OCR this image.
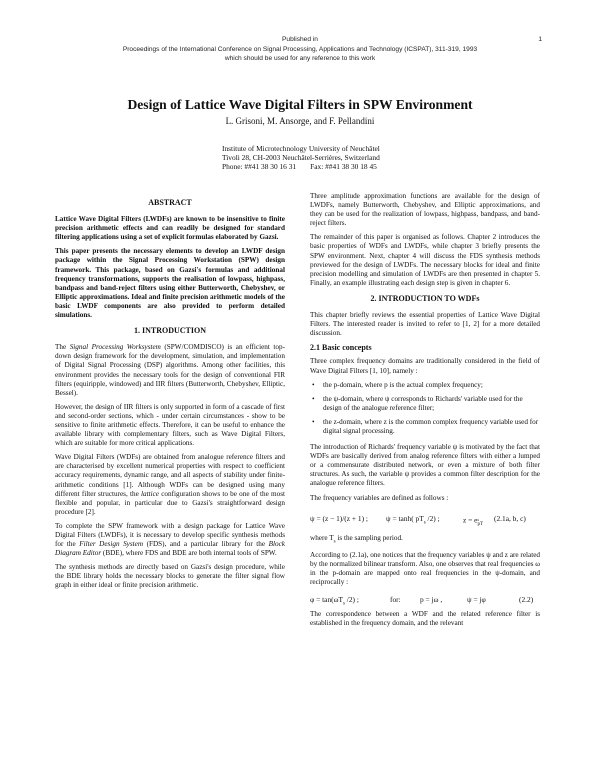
Published in	1
Proceedings of the International Conference on Signal Processing, Applications and Technology (ICSPAT), 311-319, 1993
which should be used for any reference to this work
Design of Lattice Wave Digital Filters in SPW Environment
L. Grisoni, M. Ansorge, and F. Pellandini
Institute of Microtechnology University of Neuchâtel
Tivoli 28, CH-2003 Neuchâtel-Serrières, Switzerland
Phone: ##41 38 30 16 31 Fax: ##41 38 30 18 45
ABSTRACT

Lattice Wave Digital Filters (LWDFs) are known to be insensitive to finite precision arithmetic effects and can readily be designed for standard filtering applications using a set of explicit formulas elaborated by Gazsi.

This paper presents the necessary elements to develop an LWDF design package within the Signal Processing Workstation (SPW) design framework. This package, based on Gazsi's formulas and additional frequency transformations, supports the realisation of lowpass, highpass, bandpass and band-reject filters using either Butterworth, Chebyshev, or Elliptic approximations. Ideal and finite precision arithmetic models of the basic LWDF components are also provided to perform detailed simulations.

1. INTRODUCTION

The Signal Processing Worksystem (SPW/COMDISCO) is an efficient top-down design framework for the development, simulation, and implementation of Digital Signal Processing (DSP) algorithms. Among other facilities, this environment provides the necessary tools for the design of conventional FIR filters (equiripple, windowed) and IIR filters (Butterworth, Chebyshev, Elliptic, Bessel).

However, the design of IIR filters is only supported in form of a cascade of first and second-order sections, which - under certain circumstances - show to be sensitive to finite arithmetic effects. Therefore, it can be useful to enhance the available library with complementary filters, such as Wave Digital Filters, which are suitable for more critical applications.

Wave Digital Filters (WDFs) are obtained from analogue reference filters and are characterised by excellent numerical properties with respect to coefficient accuracy requirements, dynamic range, and all aspects of stability under finite-arithmetic conditions [1]. Although WDFs can be designed using many different filter structures, the lattice configuration shows to be one of the most flexible and popular, in particular due to Gazsi's straightforward design procedure [2].

To complete the SPW framework with a design package for Lattice Wave Digital Filters (LWDFs), it is necessary to develop specific synthesis methods for the Filter Design System (FDS), and a particular library for the Block Diagram Editor (BDE), where FDS and BDE are both internal tools of SPW.

The synthesis methods are directly based on Gazsi's design procedure, while the BDE library holds the necessary blocks to generate the filter signal flow graph in either ideal or finite precision arithmetic.

Three amplitude approximation functions are available for the design of LWDFs, namely Butterworth, Chebyshev, and Elliptic approximations, and they can be used for the realization of lowpass, highpass, bandpass, and band-reject filters.

The remainder of this paper is organised as follows. Chapter 2 introduces the basic properties of WDFs and LWDFs, while chapter 3 briefly presents the SPW environment. Next, chapter 4 will discuss the FDS synthesis methods previewed for the design of LWDFs. The necessary blocks for ideal and finite precision modelling and simulation of LWDFs are then presented in chapter 5. Finally, an example illustrating each design step is given in chapter 6.

2. INTRODUCTION TO WDFs

This chapter briefly reviews the essential properties of Lattice Wave Digital Filters. The interested reader is invited to refer to [1, 2] for a more detailed discussion.

2.1 Basic concepts

Three complex frequency domains are traditionally considered in the field of Wave Digital Filters [1, 10], namely :

• the p-domain, where p is the actual complex frequency;
• the ψ-domain, where ψ corresponds to Richards' variable used for the design of the analogue reference filter;
• the z-domain, where z is the common complex frequency variable used for digital signal processing.

The introduction of Richards' frequency variable ψ is motivated by the fact that WDFs are basically derived from analog reference filters with either a lumped or a commensurate distributed network, or even a mixture of both filter structures. As such, the variable ψ provides a common filter description for the analogue reference filters.

The frequency variables are defined as follows :

ψ = (z − 1)/(z + 1) ; ψ = tanh( $pT_s$ /2) ;	z = e
$^{pT _s}$ (2.1a, b, c)

where $T_s$ is the sampling period.

According to (2.1a), one notices that the frequency variables ψ and z are related by the normalized bilinear transform. Also, one observes that real frequencies ω in the p-domain are mapped onto real frequencies in the ψ-domain, and reciprocally :

$\varphi = \tan(\omega T_s$ /2) ;	for:	p = jω ,	ψ = jφ	(2.2)

The correspondence between a WDF and the related reference filter is established in the frequency domain, and the relevant
